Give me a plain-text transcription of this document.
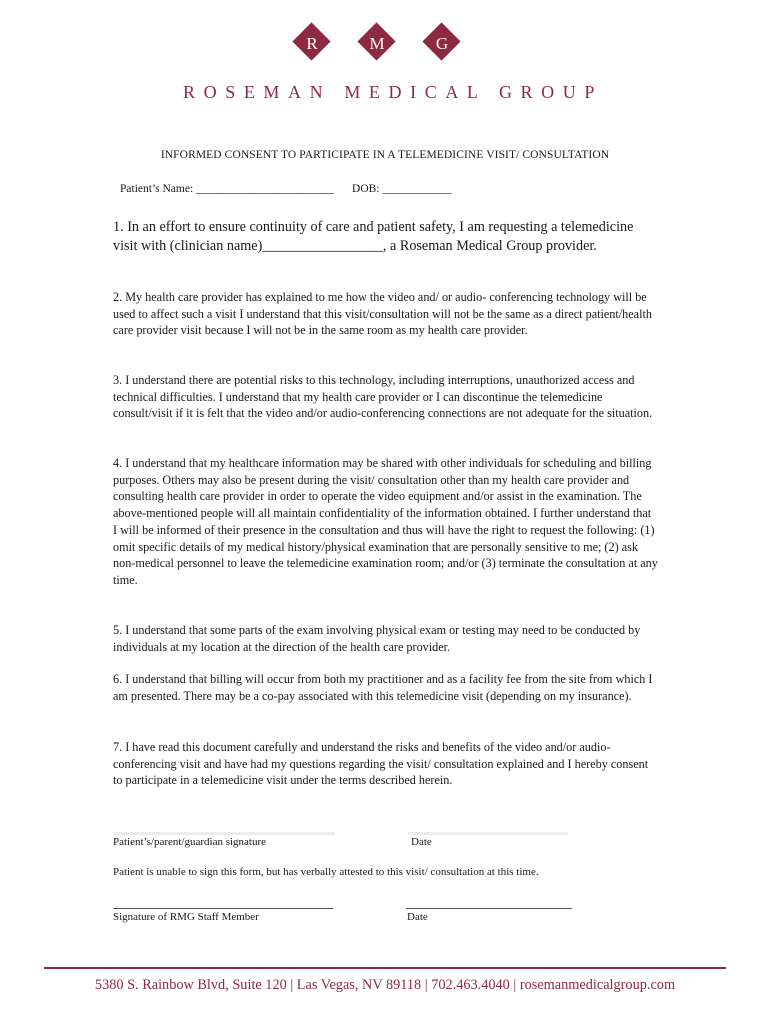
R	M	G
ROSEMAN MEDICAL GROUP
INFORMED CONSENT TO PARTICIPATE IN A TELEMEDICINE VISIT/ CONSULTATION
Patient’s Name: ________________________ DOB: ____________
1. In an effort to ensure continuity of care and patient safety, I am requesting a telemedicine visit with (clinician name)_________________, a Roseman Medical Group provider.
2. My health care provider has explained to me how the video and/ or audio- conferencing technology will be used to affect such a visit I understand that this visit/consultation will not be the same as a direct patient/health care provider visit because I will not be in the same room as my health care provider.
3. I understand there are potential risks to this technology, including interruptions, unauthorized access and technical difficulties. I understand that my health care provider or I can discontinue the telemedicine consult/visit if it is felt that the video and/or audio-conferencing connections are not adequate for the situation.
4. I understand that my healthcare information may be shared with other individuals for scheduling and billing purposes. Others may also be present during the visit/ consultation other than my health care provider and consulting health care provider in order to operate the video equipment and/or assist in the examination. The above-mentioned people will all maintain confidentiality of the information obtained. I further understand that I will be informed of their presence in the consultation and thus will have the right to request the following: (1) omit specific details of my medical history/physical examination that are personally sensitive to me; (2) ask non-medical personnel to leave the telemedicine examination room; and/or (3) terminate the consultation at any time.
5. I understand that some parts of the exam involving physical exam or testing may need to be conducted by individuals at my location at the direction of the health care provider.
6. I understand that billing will occur from both my practitioner and as a facility fee from the site from which I am presented. There may be a co-pay associated with this telemedicine visit (depending on my insurance).
7. I have read this document carefully and understand the risks and benefits of the video and/or audio- conferencing visit and have had my questions regarding the visit/ consultation explained and I hereby consent to participate in a telemedicine visit under the terms described herein.
Patient’s/parent/guardian signature	Date
Patient is unable to sign this form, but has verbally attested to this visit/ consultation at this time.
Signature of RMG Staff Member	Date
5380 S. Rainbow Blvd, Suite 120 | Las Vegas, NV 89118 | 702.463.4040 | rosemanmedicalgroup.com
